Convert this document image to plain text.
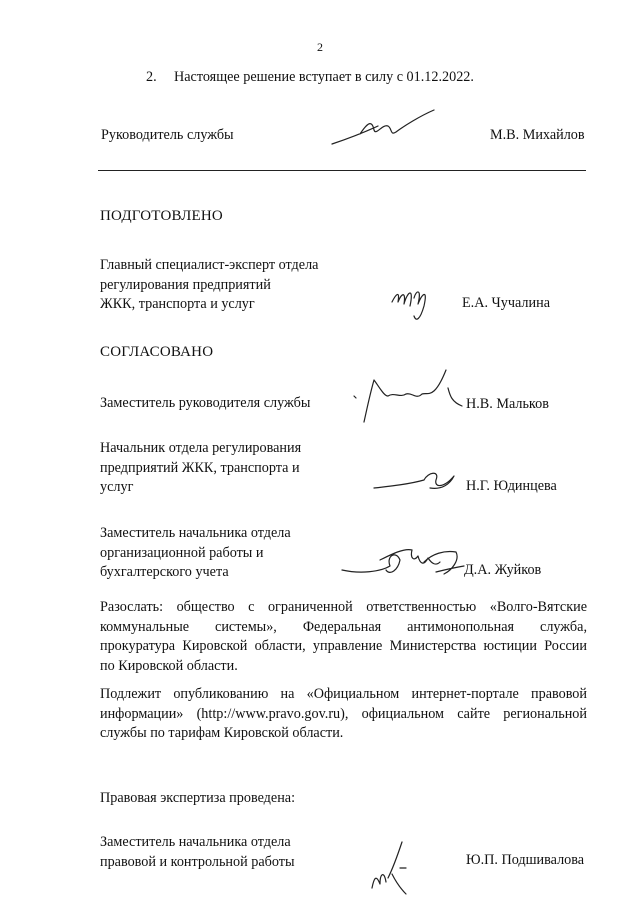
2
2. Настоящее решение вступает в силу с 01.12.2022.
Руководитель службы	М.В. Михайлов
ПОДГОТОВЛЕНО
Главный специалист-эксперт отдела
регулирования предприятий
ЖКК, транспорта и услуг	Е.А. Чучалина
СОГЛАСОВАНО
Заместитель руководителя службы	Н.В. Мальков
Начальник отдела регулирования
предприятий ЖКК, транспорта и
услуг	Н.Г. Юдинцева
Заместитель начальника отдела
организационной работы и
бухгалтерского учета	Д.А. Жуйков
Разослать: общество с ограниченной ответственностью «Волго-Вятские
коммунальные системы», Федеральная антимонопольная служба,
прокуратура Кировской области, управление Министерства юстиции России
по Кировской области.
Подлежит опубликованию на «Официальном интернет-портале правовой
информации» (http://www.pravo.gov.ru), официальном сайте региональной
службы по тарифам Кировской области.
Правовая экспертиза проведена:
Заместитель начальника отдела
правовой и контрольной работы	Ю.П. Подшивалова
